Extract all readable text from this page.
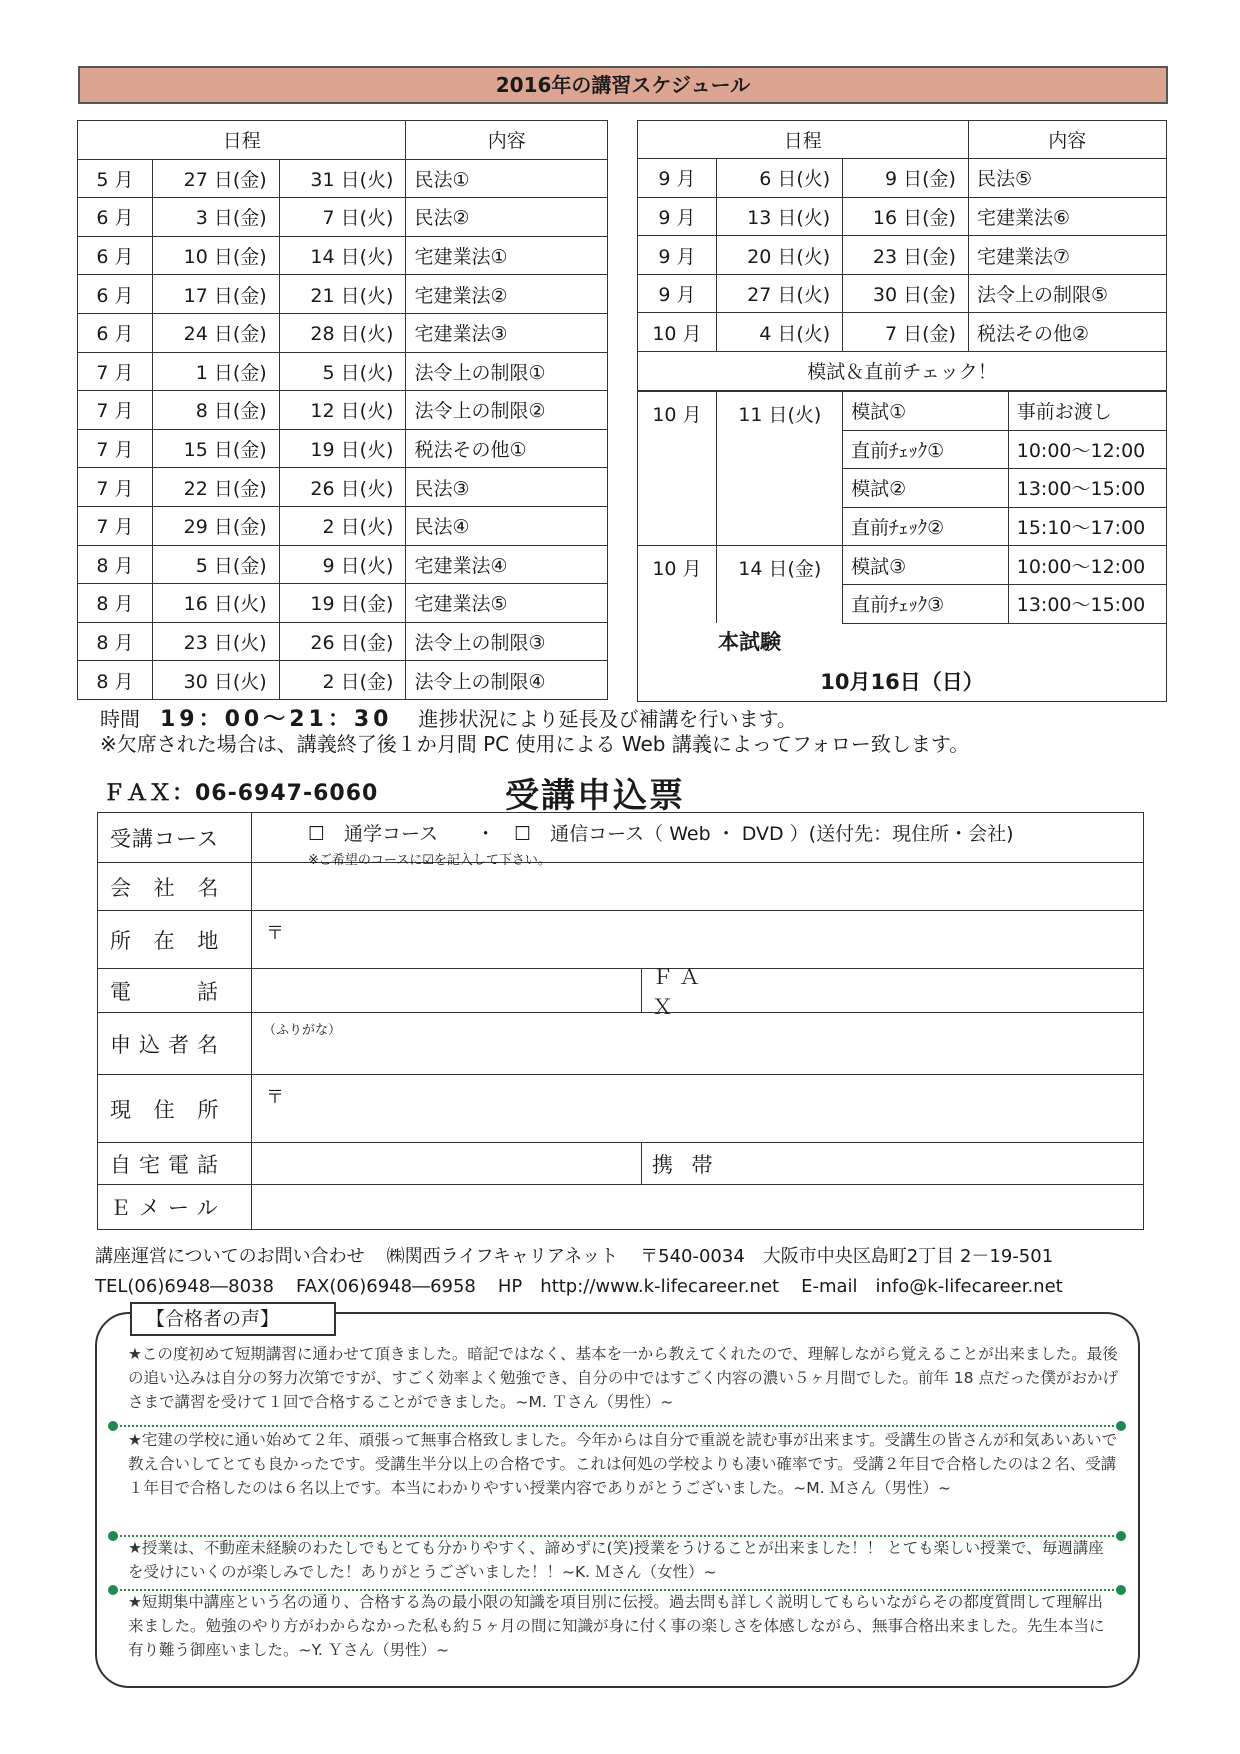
2016年の講習スケジュール
日程			内容
5 月	27 日(金)	31 日(火)	民法①
6 月	3 日(金)	7 日(火)	民法②
6 月	10 日(金)	14 日(火)	宅建業法①
6 月	17 日(金)	21 日(火)	宅建業法②
6 月	24 日(金)	28 日(火)	宅建業法③
7 月	1 日(金)	5 日(火)	法令上の制限①
7 月	8 日(金)	12 日(火)	法令上の制限②
7 月	15 日(金)	19 日(火)	税法その他①
7 月	22 日(金)	26 日(火)	民法③
7 月	29 日(金)	2 日(火)	民法④
8 月	5 日(金)	9 日(火)	宅建業法④
8 月	16 日(火)	19 日(金)	宅建業法⑤
8 月	23 日(火)	26 日(金)	法令上の制限③
8 月	30 日(火)	2 日(金)	法令上の制限④
日程			内容
9 月	6 日(火)	9 日(金)	民法⑤
9 月	13 日(火)	16 日(金)	宅建業法⑥
9 月	20 日(火)	23 日(金)	宅建業法⑦
9 月	27 日(火)	30 日(金)	法令上の制限⑤
10 月	4 日(火)	7 日(金)	税法その他②
模試＆直前チェック！
10 月	11 日(火)	模試①	事前お渡し
		直前ﾁｪｯｸ①	10:00～12:00
		模試②	13:00～15:00
		直前ﾁｪｯｸ②	15:10～17:00
10 月	14 日(金)	模試③	10:00～12:00
		直前ﾁｪｯｸ③	13:00～15:00
本試験
10月16日（日）
時間 19：00～21：30 進捗状況により延長及び補講を行います。
※欠席された場合は、講義終了後１か月間 PC 使用による Web 講義によってフォロー致します。
ＦＡＸ：06-6947-6060	受講申込票
受講コース	☐　通学コース　　・　☐　通信コース（ Web ・ DVD ）(送付先：現住所・会社)
※ご希望のコースに☑を記入して下さい。
会 社 名
所 在 地	〒
電　　話
ＦＡＸ
申込者名
（ふりがな）
現 住 所	〒
自宅電話	携 帯
Ｅメール
講座運営についてのお問い合わせ ㈱関西ライフキャリアネット 〒540-0034　大阪市中央区島町2丁目 2－19-501
TEL(06)6948―8038 FAX(06)6948―6958 HP　http://www.k-lifecareer.net E-mail　info@k-lifecareer.net
【合格者の声】
★この度初めて短期講習に通わせて頂きました。暗記ではなく、基本を一から教えてくれたので、理解しながら覚えることが出来ました。最後の追い込みは自分の努力次第ですが、すごく効率よく勉強でき、自分の中ではすごく内容の濃い５ヶ月間でした。前年 18 点だった僕がおかげさまで講習を受けて１回で合格することができました。~M. Ｔさん（男性）~
★宅建の学校に通い始めて２年、頑張って無事合格致しました。今年からは自分で重説を読む事が出来ます。受講生の皆さんが和気あいあいで教え合いしてとても良かったです。受講生半分以上の合格です。これは何処の学校よりも凄い確率です。受講２年目で合格したのは２名、受講１年目で合格したのは６名以上です。本当にわかりやすい授業内容でありがとうございました。~M. Ｍさん（男性）~
★授業は、不動産未経験のわたしでもとても分かりやすく、諦めずに(笑)授業をうけることが出来ました！！ とても楽しい授業で、毎週講座を受けにいくのが楽しみでした！ありがとうございました！！~K. Ｍさん（女性）~
★短期集中講座という名の通り、合格する為の最小限の知識を項目別に伝授。過去問も詳しく説明してもらいながらその都度質問して理解出来ました。勉強のやり方がわからなかった私も約５ヶ月の間に知識が身に付く事の楽しさを体感しながら、無事合格出来ました。先生本当に有り難う御座いました。~Y. Ｙさん（男性）~
